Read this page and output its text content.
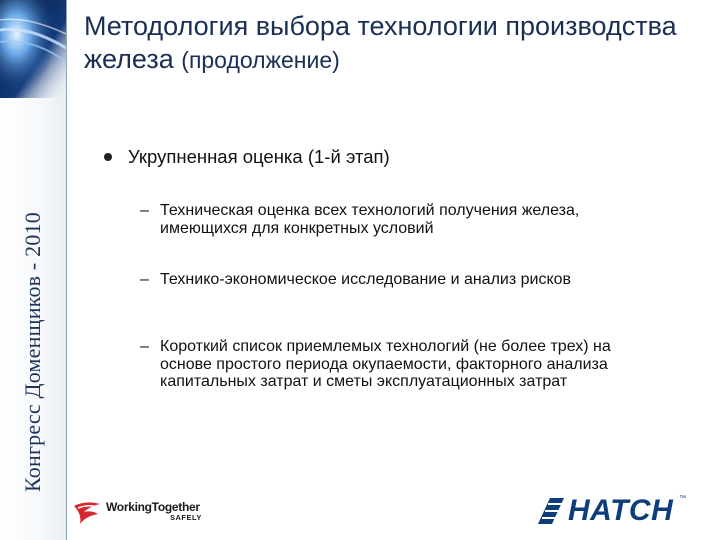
Конгресс Доменщиков - 2010
Методология выбора технологии производства железа (продолжение)
Укрупненная оценка (1-й этап)
– Техническая оценка всех технологий получения железа, имеющихся для конкретных условий
– Технико-экономическое исследование и анализ рисков
– Короткий список приемлемых технологий (не более трех) на основе простого периода окупаемости, факторного анализа капитальных затрат и сметы эксплуатационных затрат
WorkingTogether
SAFELY	HATCH ™
